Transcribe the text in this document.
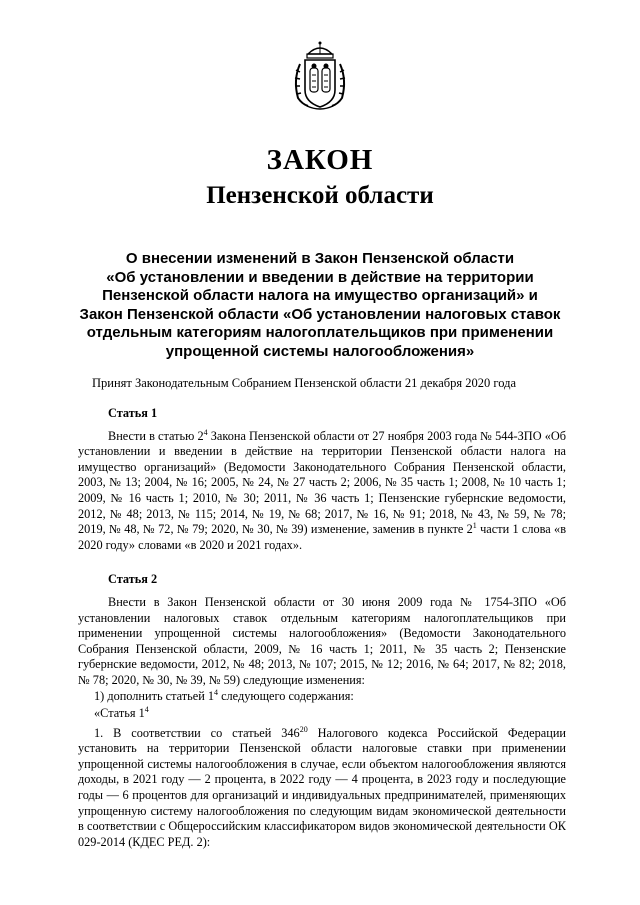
ЗАКОН
Пензенской области
О внесении изменений в Закон Пензенской области
«Об установлении и введении в действие на территории
Пензенской области налога на имущество организаций» и
Закон Пензенской области «Об установлении налоговых ставок
отдельным категориям налогоплательщиков при применении
упрощенной системы налогообложения»
Принят Законодательным Собранием Пензенской области 21 декабря 2020 года
Статья 1

Внести в статью $2^4$ Закона Пензенской области от 27 ноября 2003 года № 544-ЗПО «Об установлении и введении в действие на территории Пензенской области налога на имущество организаций» (Ведомости Законодательного Собрания Пензенской области, 2003, № 13; 2004, № 16; 2005, № 24, № 27 часть 2; 2006, № 35 часть 1; 2008, № 10 часть 1; 2009, № 16 часть 1; 2010, № 30; 2011, № 36 часть 1; Пензенские губернские ведомости, 2012, № 48; 2013, № 115; 2014, № 19, № 68; 2017, № 16, № 91; 2018, № 43, № 59, № 78; 2019, № 48, № 72, № 79; 2020, № 30, № 39) изменение, заменив в пункте $2^1$ части 1 слова «в 2020 году» словами «в 2020 и 2021 годах».

Статья 2

Внести в Закон Пензенской области от 30 июня 2009 года № 1754-ЗПО «Об установлении налоговых ставок отдельным категориям налогоплательщиков при применении упрощенной системы налогообложения» (Ведомости Законодательного Собрания Пензенской области, 2009, № 16 часть 1; 2011, № 35 часть 2; Пензенские губернские ведомости, 2012, № 48; 2013, № 107; 2015, № 12; 2016, № 64; 2017, № 82; 2018, № 78; 2020, № 30, № 39, № 59) следующие изменения:

1) дополнить статьей $1^4$ следующего содержания:
«Статья $1^4$

1. В соответствии со статьей $346^{20}$ Налогового кодекса Российской Федерации установить на территории Пензенской области налоговые ставки при применении упрощенной системы налогообложения в случае, если объектом налогообложения являются доходы, в 2021 году — 2 процента, в 2022 году — 4 процента, в 2023 году и последующие годы — 6 процентов для организаций и индивидуальных предпринимателей, применяющих упрощенную систему налогообложения по следующим видам экономической деятельности в соответствии с Общероссийским классификатором видов экономической деятельности ОК 029-2014 (КДЕС РЕД. 2):
